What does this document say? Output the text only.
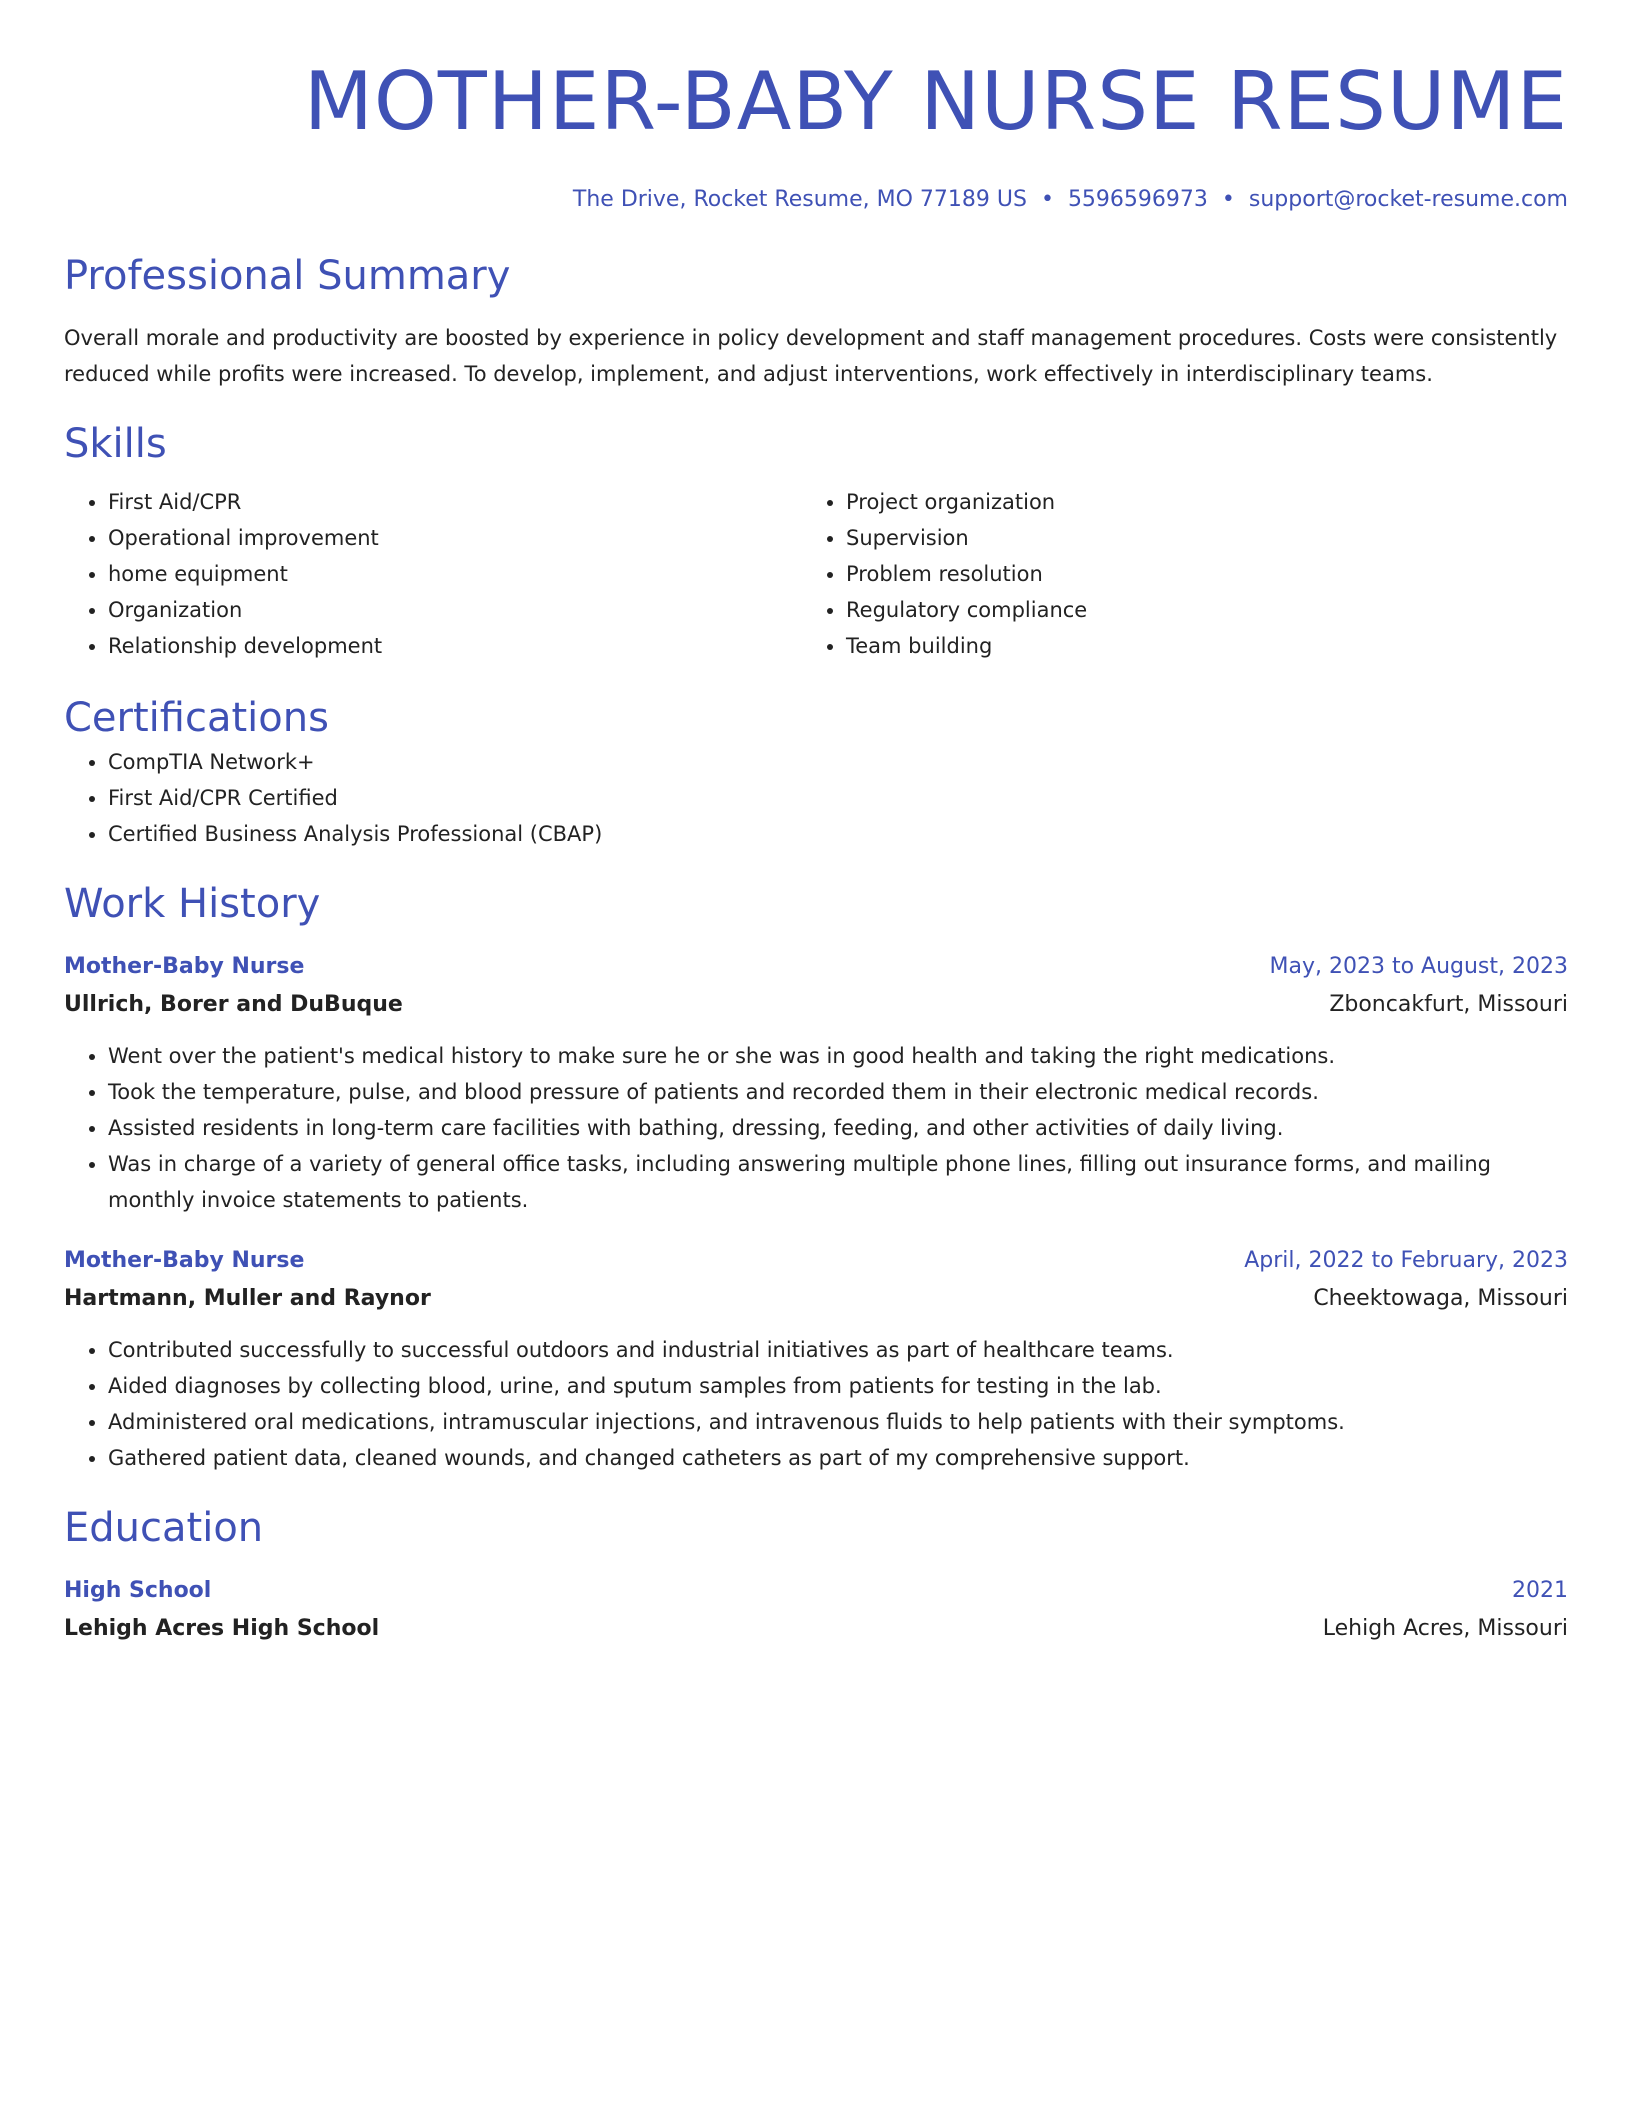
MOTHER-BABY NURSE RESUME
The Drive, Rocket Resume, MO 77189 US • 5596596973 • support@rocket-resume.com
Professional Summary
Overall morale and productivity are boosted by experience in policy development and staff management procedures. Costs were consistently reduced while profits were increased. To develop, implement, and adjust interventions, work effectively in interdisciplinary teams.
Skills
• First Aid/CPR
• Operational improvement
• home equipment
• Organization
• Relationship development
• Project organization
• Supervision
• Problem resolution
• Regulatory compliance
• Team building
Certifications
• CompTIA Network+
• First Aid/CPR Certified
• Certified Business Analysis Professional (CBAP)
Work History
Mother-Baby Nurse	May, 2023 to August, 2023
Ullrich, Borer and DuBuque	Zboncakfurt, Missouri
• Went over the patient's medical history to make sure he or she was in good health and taking the right medications.
• Took the temperature, pulse, and blood pressure of patients and recorded them in their electronic medical records.
• Assisted residents in long-term care facilities with bathing, dressing, feeding, and other activities of daily living.
• Was in charge of a variety of general office tasks, including answering multiple phone lines, filling out insurance forms, and mailing monthly invoice statements to patients.
Mother-Baby Nurse	April, 2022 to February, 2023
Hartmann, Muller and Raynor	Cheektowaga, Missouri
• Contributed successfully to successful outdoors and industrial initiatives as part of healthcare teams.
• Aided diagnoses by collecting blood, urine, and sputum samples from patients for testing in the lab.
• Administered oral medications, intramuscular injections, and intravenous fluids to help patients with their symptoms.
• Gathered patient data, cleaned wounds, and changed catheters as part of my comprehensive support.
Education
High School	2021
Lehigh Acres High School	Lehigh Acres, Missouri
